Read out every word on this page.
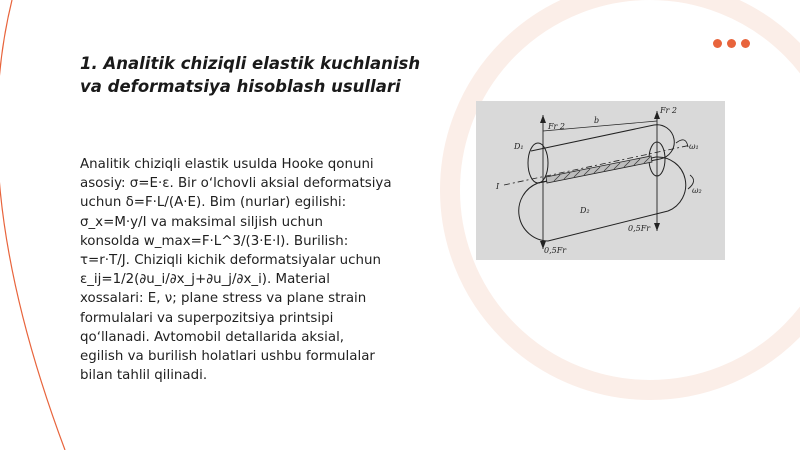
1. Analitik chiziqli elastik kuchlanish
va deformatsiya hisoblash usullari
Analitik chiziqli elastik usulda Hooke qonuni
asosiy: σ=E·ε. Bir oʻlchovli aksial deformatsiya
uchun δ=F·L/(A·E). Bim (nurlar) egilishi:
σ_x=M·y/I va maksimal siljish uchun
konsolda w_max=F·L^3/(3·E·I). Burilish:
τ=r·T/J. Chiziqli kichik deformatsiyalar uchun
ε_ij=1/2(∂u_i/∂x_j+∂u_j/∂x_i). Material
xossalari: E, ν; plane stress va plane strain
formulalari va superpozitsiya printsipi
qoʻllanadi. Avtomobil detallarida aksial,
egilish va burilish holatlari ushbu formulalar
bilan tahlil qilinadi.
Fr 2
Fr 2
b
D₁
D₂
ω₁
ω₂
0,5Fr
0,5Fr
I
